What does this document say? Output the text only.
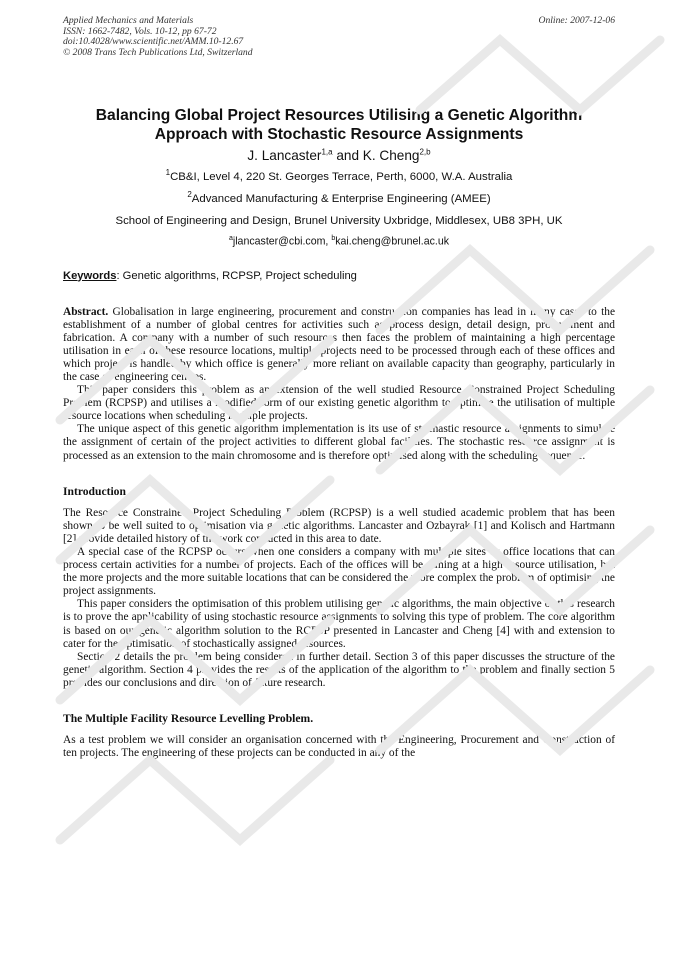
Applied Mechanics and Materials
ISSN: 1662-7482, Vols. 10-12, pp 67-72
doi:10.4028/www.scientific.net/AMM.10-12.67
© 2008 Trans Tech Publications Ltd, Switzerland
Online: 2007-12-06
Balancing Global Project Resources Utilising a Genetic Algorithm
Approach with Stochastic Resource Assignments
J. Lancaster$^{1,a}$ and K. Cheng$^{2,b}$
$^1$CB&I, Level 4, 220 St. Georges Terrace, Perth, 6000, W.A. Australia
$^2$Advanced Manufacturing & Enterprise Engineering (AMEE)
School of Engineering and Design, Brunel University Uxbridge, Middlesex, UB8 3PH, UK
$^a$jlancaster@cbi.com, $^b$kai.cheng@brunel.ac.uk
Keywords: Genetic algorithms, RCPSP, Project scheduling

Abstract. Globalisation in large engineering, procurement and construction companies has lead in many cases to the establishment of a number of global centres for activities such as process design, detail design, procurement and fabrication. A company with a number of such resources then faces the problem of maintaining a high percentage utilisation in each of these resource locations, multiple projects need to be processed through each of these offices and which project is handled by which office is generally more reliant on available capacity than geography, particularly in the case of engineering centres.

This paper considers this problem as an extension of the well studied Resource Constrained Project Scheduling Problem (RCPSP) and utilises a modified form of our existing genetic algorithm to optimise the utilisation of multiple resource locations when scheduling multiple projects.

The unique aspect of this genetic algorithm implementation is its use of stochastic resource assignments to simulate the assignment of certain of the project activities to different global facilities. The stochastic resource assignment is processed as an extension to the main chromosome and is therefore optimised along with the scheduling sequence.

Introduction

The Resource Constrained Project Scheduling Problem (RCPSP) is a well studied academic problem that has been shown to be well suited to optimisation via genetic algorithms. Lancaster and Ozbayrak [1] and Kolisch and Hartmann [2] provide detailed history of the work conducted in this area to date.

A special case of the RCPSP occurs when one considers a company with multiple sites or office locations that can process certain activities for a number of projects. Each of the offices will be aiming at a high resource utilisation, but the more projects and the more suitable locations that can be considered the more complex the problem of optimising the project assignments.

This paper considers the optimisation of this problem utilising genetic algorithms, the main objective of this research is to prove the applicability of using stochastic resource assignments to solving this type of problem. The core algorithm is based on our genetic algorithm solution to the RCPSP presented in Lancaster and Cheng [4] with and extension to cater for the optimisation of stochastically assigned resources.

Section 2 details the problem being considered in further detail. Section 3 of this paper discusses the structure of the genetic algorithm. Section 4 provides the results of the application of the algorithm to the problem and finally section 5 provides our conclusions and direction of future research.

The Multiple Facility Resource Levelling Problem.

As a test problem we will consider an organisation concerned with the Engineering, Procurement and Construction of ten projects. The engineering of these projects can be conducted in any of the
